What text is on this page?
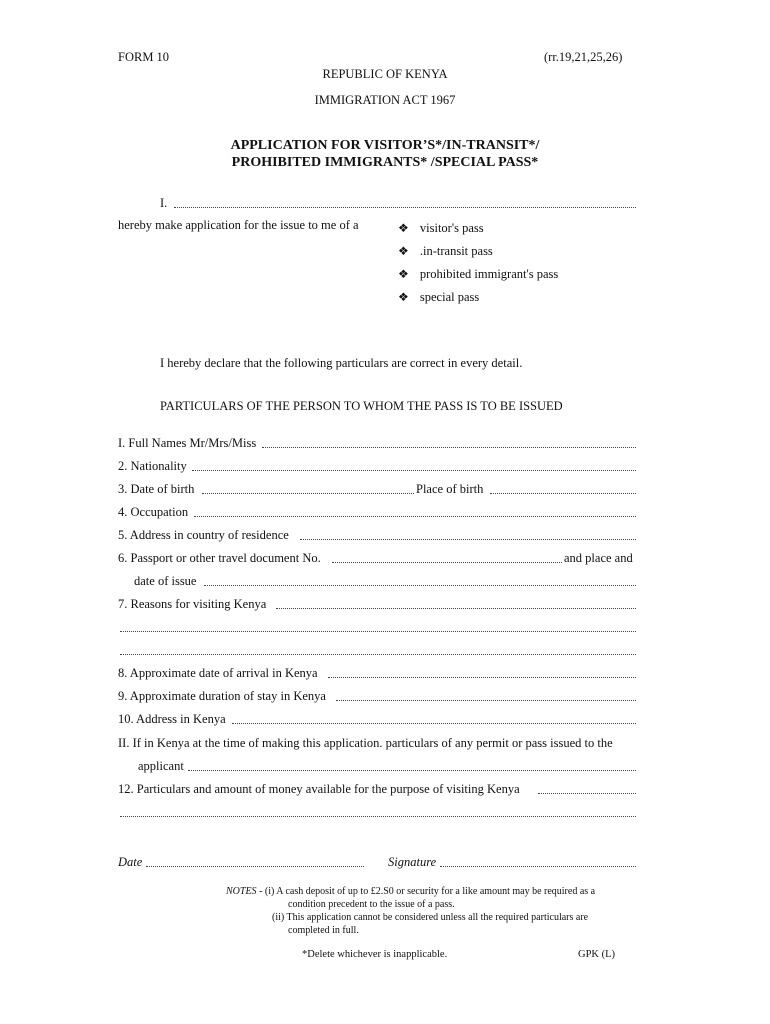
FORM 10	(rr.19,21,25,26)
REPUBLIC OF KENYA
IMMIGRATION ACT 1967
APPLICATION FOR VISITOR’S*/IN-TRANSIT*/
PROHIBITED IMMIGRANTS* /SPECIAL PASS*
I.
hereby make application for the issue to me of a	❖ visitor's pass
❖ .in-transit pass
❖ prohibited immigrant's pass
❖ special pass
I hereby declare that the following particulars are correct in every detail.
PARTICULARS OF THE PERSON TO WHOM THE PASS IS TO BE ISSUED
I. Full Names Mr/Mrs/Miss
2. Nationality
3. Date of birth	Place of birth
4. Occupation
5. Address in country of residence
6. Passport or other travel document No.	and place and
date of issue
7. Reasons for visiting Kenya
8. Approximate date of arrival in Kenya
9. Approximate duration of stay in Kenya
10. Address in Kenya
II. If in Kenya at the time of making this application. particulars of any permit or pass issued to the
applicant
12. Particulars and amount of money available for the purpose of visiting Kenya
Date	Signature
NOTES - (i) A cash deposit of up to £2.S0 or security for a like amount may be required as a
condition precedent to the issue of a pass.
(ii) This application cannot be considered unless all the required particulars are
completed in full.
*Delete whichever is inapplicable.	GPK (L)
